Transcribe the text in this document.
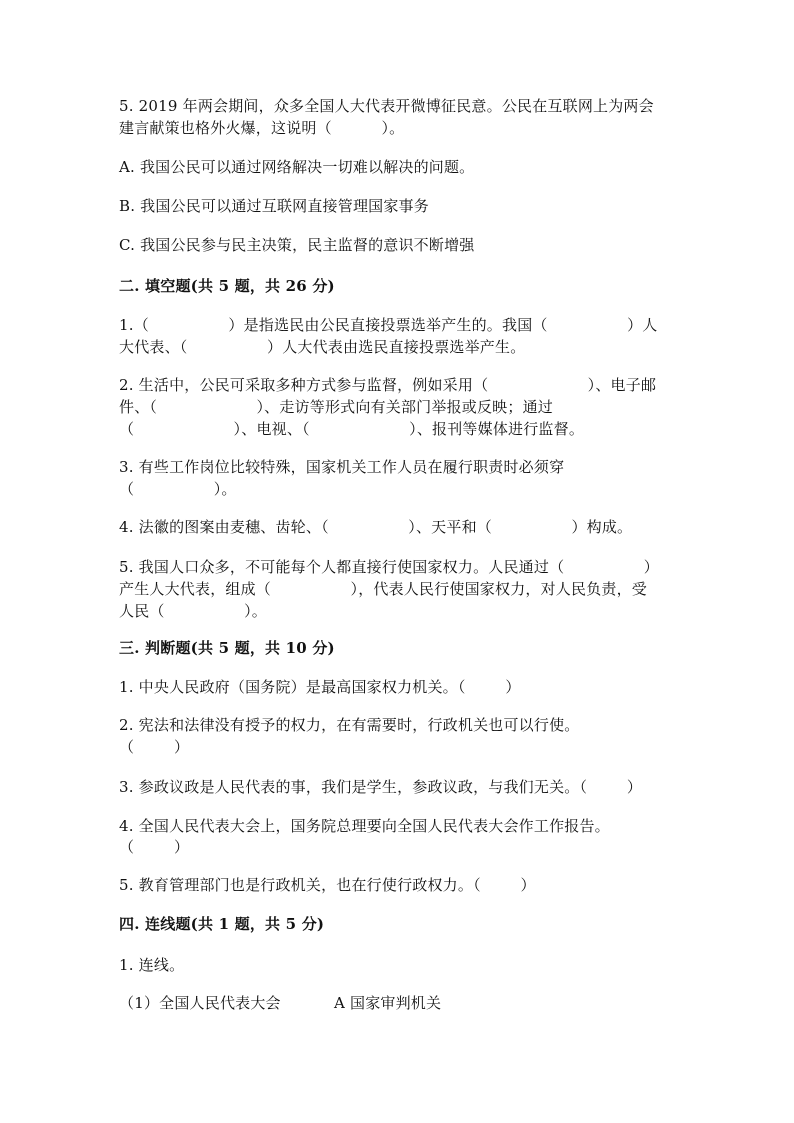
5. 2019 年两会期间，众多全国人大代表开微博征民意。公民在互联网上为两会
建言献策也格外火爆，这说明（          ）。
A. 我国公民可以通过网络解决一切难以解决的问题。
B. 我国公民可以通过互联网直接管理国家事务
C. 我国公民参与民主决策，民主监督的意识不断增强
二. 填空题(共 5 题，共 26 分)
1.（                ）是指选民由公民直接投票选举产生的。我国（                ）人
大代表、（                ）人大代表由选民直接投票选举产生。
2. 生活中，公民可采取多种方式参与监督，例如采用（                    ）、电子邮
件、（                    ）、走访等形式向有关部门举报或反映；通过
（                    ）、电视、（                    ）、报刊等媒体进行监督。
3. 有些工作岗位比较特殊，国家机关工作人员在履行职责时必须穿
（                ）。
4. 法徽的图案由麦穗、齿轮、（                ）、天平和（                ）构成。
5. 我国人口众多，不可能每个人都直接行使国家权力。人民通过（                ）
产生人大代表，组成（                ），代表人民行使国家权力，对人民负责，受
人民（                ）。
三. 判断题(共 5 题，共 10 分)
1. 中央人民政府（国务院）是最高国家权力机关。（        ）
2. 宪法和法律没有授予的权力，在有需要时，行政机关也可以行使。
（        ）
3. 参政议政是人民代表的事，我们是学生，参政议政，与我们无关。（        ）
4. 全国人民代表大会上，国务院总理要向全国人民代表大会作工作报告。
（        ）
5. 教育管理部门也是行政机关，也在行使行政权力。（        ）
四. 连线题(共 1 题，共 5 分)
1. 连线。
（1）全国人民代表大会	A 国家审判机关
